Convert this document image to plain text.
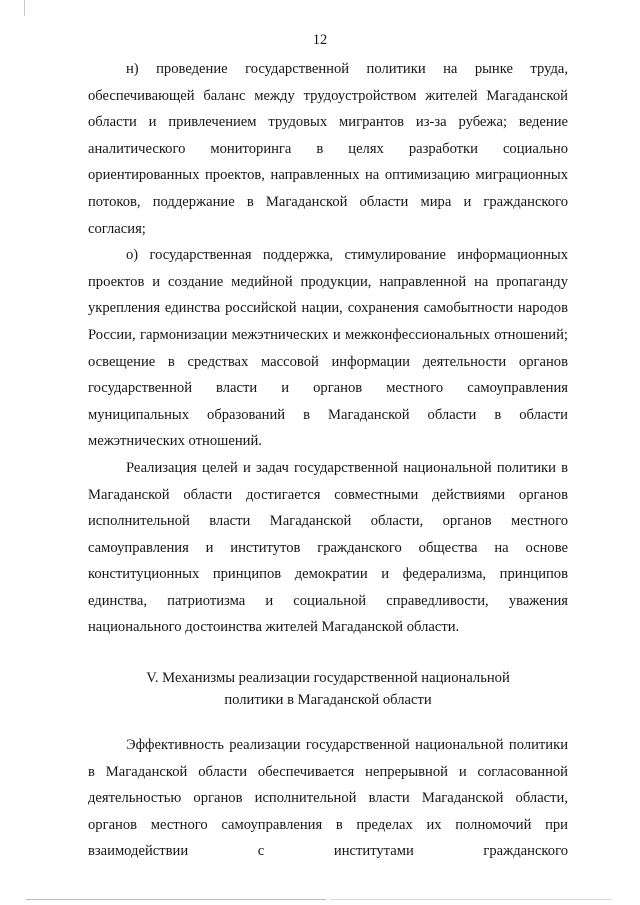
12

н) проведение государственной политики на рынке труда, обеспечивающей баланс между трудоустройством жителей Магаданской области и привлечением трудовых мигрантов из-за рубежа; ведение аналитического мониторинга в целях разработки социально ориентированных проектов, направленных на оптимизацию миграционных потоков, поддержание в Магаданской области мира и гражданского согласия;

о) государственная поддержка, стимулирование информационных проектов и создание медийной продукции, направленной на пропаганду укрепления единства российской нации, сохранения самобытности народов России, гармонизации межэтнических и межконфессиональных отношений; освещение в средствах массовой информации деятельности органов государственной власти и органов местного самоуправления муниципальных образований в Магаданской области в области межэтнических отношений.

Реализация целей и задач государственной национальной политики в Магаданской области достигается совместными действиями органов исполнительной власти Магаданской области, органов местного самоуправления и институтов гражданского общества на основе конституционных принципов демократии и федерализма, принципов единства, патриотизма и социальной справедливости, уважения национального достоинства жителей Магаданской области.

V. Механизмы реализации государственной национальной
политики в Магаданской области

Эффективность реализации государственной национальной политики в Магаданской области обеспечивается непрерывной и согласованной деятельностью органов исполнительной власти Магаданской области, органов местного самоуправления в пределах их полномочий при взаимодействии с институтами гражданского
